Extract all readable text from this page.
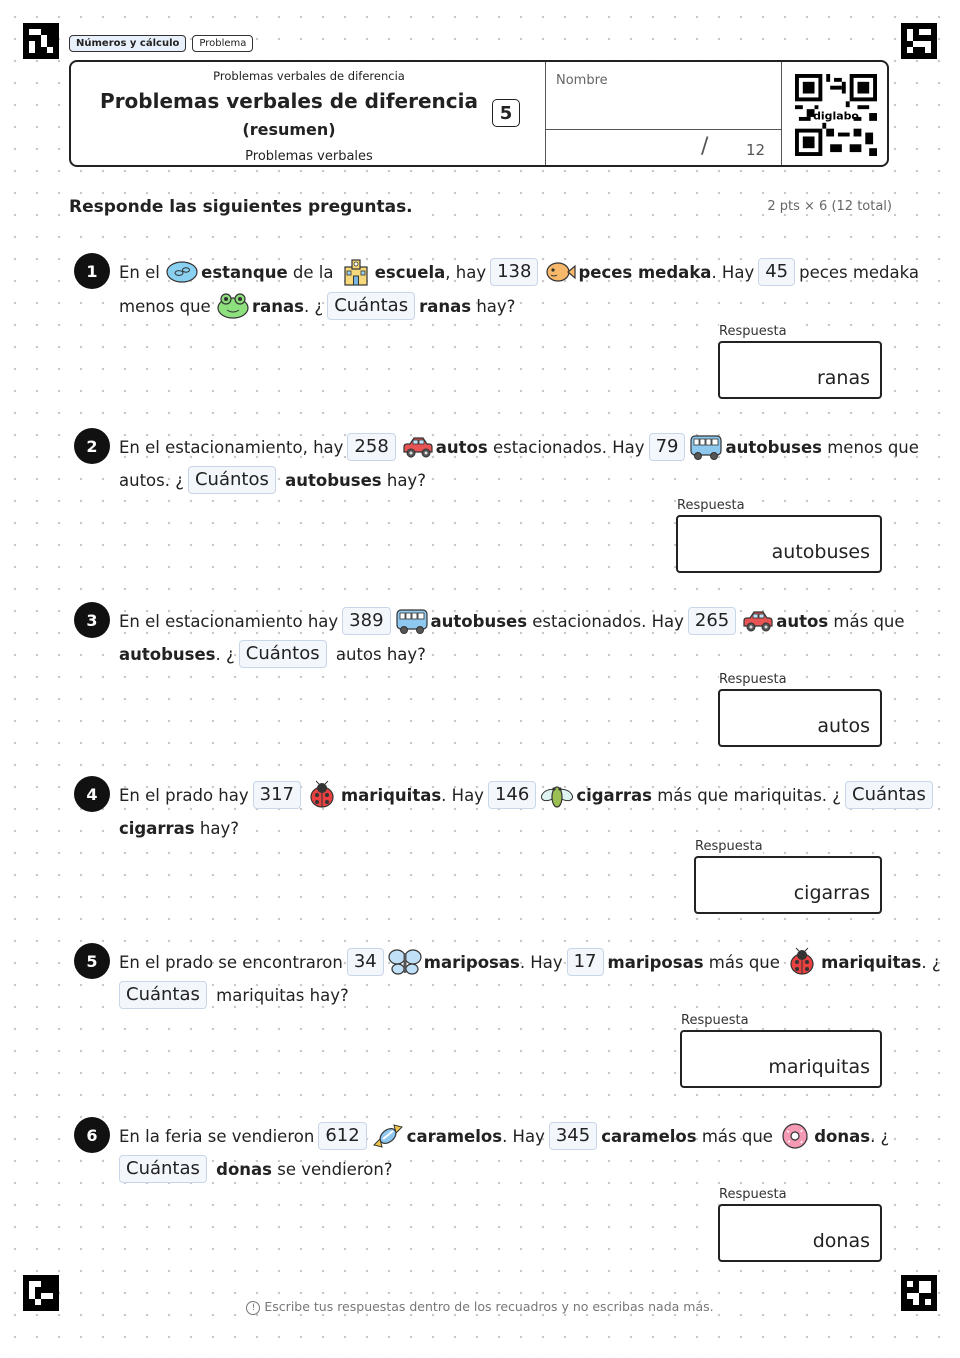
Números y cálculo	Problema
Problemas verbales de diferencia
Problemas verbales de diferencia
(resumen)
Problemas verbales
5
Nombre
/	12
diglabo
Responde las siguientes preguntas.	2 pts × 6 (12 total)
1	En el
	estanque
de la
	escuela , hay 138	peces medaka . Hay 45 peces medaka
menos que
	ranas . ¿ Cuántas ranas
hay?
Respuesta
ranas
2	En el estacionamiento, hay 258	autos
estacionados. Hay 79	autobuses
menos que
autos. ¿ Cuántos
autobuses
hay?
Respuesta
autobuses
3	En el estacionamiento hay 389	autobuses
estacionados. Hay 265	autos
más que
autobuses . ¿ Cuántos
autos hay?
Respuesta
autos
4	En el prado hay 317	mariquitas . Hay 146	cigarras
más que mariquitas. ¿ Cuántas
cigarras
hay?
Respuesta
cigarras
5	En el prado se encontraron 34	mariposas . Hay 17 mariposas
más que
	mariquitas . ¿
Cuántas
mariquitas hay?
Respuesta
mariquitas
6	En la feria se vendieron 612	caramelos . Hay 345 caramelos
más que
	donas . ¿
Cuántas
donas
se vendieron?
Respuesta
donas
! Escribe tus respuestas dentro de los recuadros y no escribas nada más.
